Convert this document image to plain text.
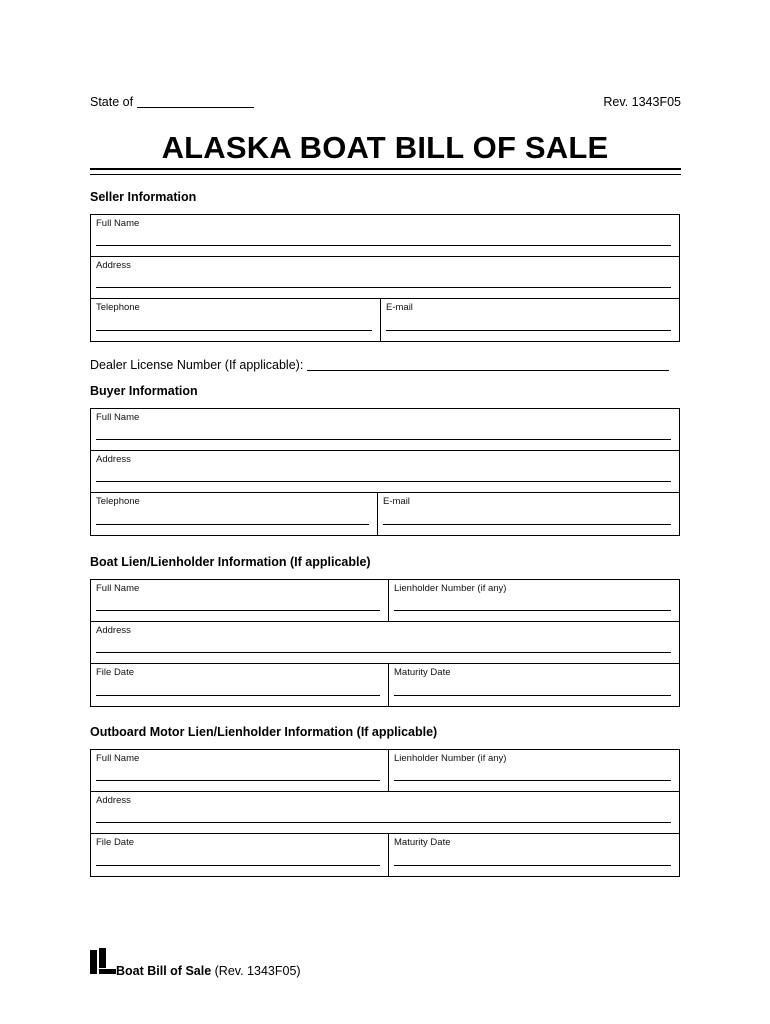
State of	Rev. 1343F05
ALASKA BOAT BILL OF SALE
Seller Information
Full Name
Address
Telephone	E-mail
Dealer License Number (If applicable):
Buyer Information
Full Name
Address
Telephone	E-mail
Boat Lien/Lienholder Information (If applicable)
Full Name	Lienholder Number (if any)
Address
File Date	Maturity Date
Outboard Motor Lien/Lienholder Information (If applicable)
Full Name	Lienholder Number (if any)
Address
File Date	Maturity Date
Boat Bill of Sale (Rev. 1343F05)
